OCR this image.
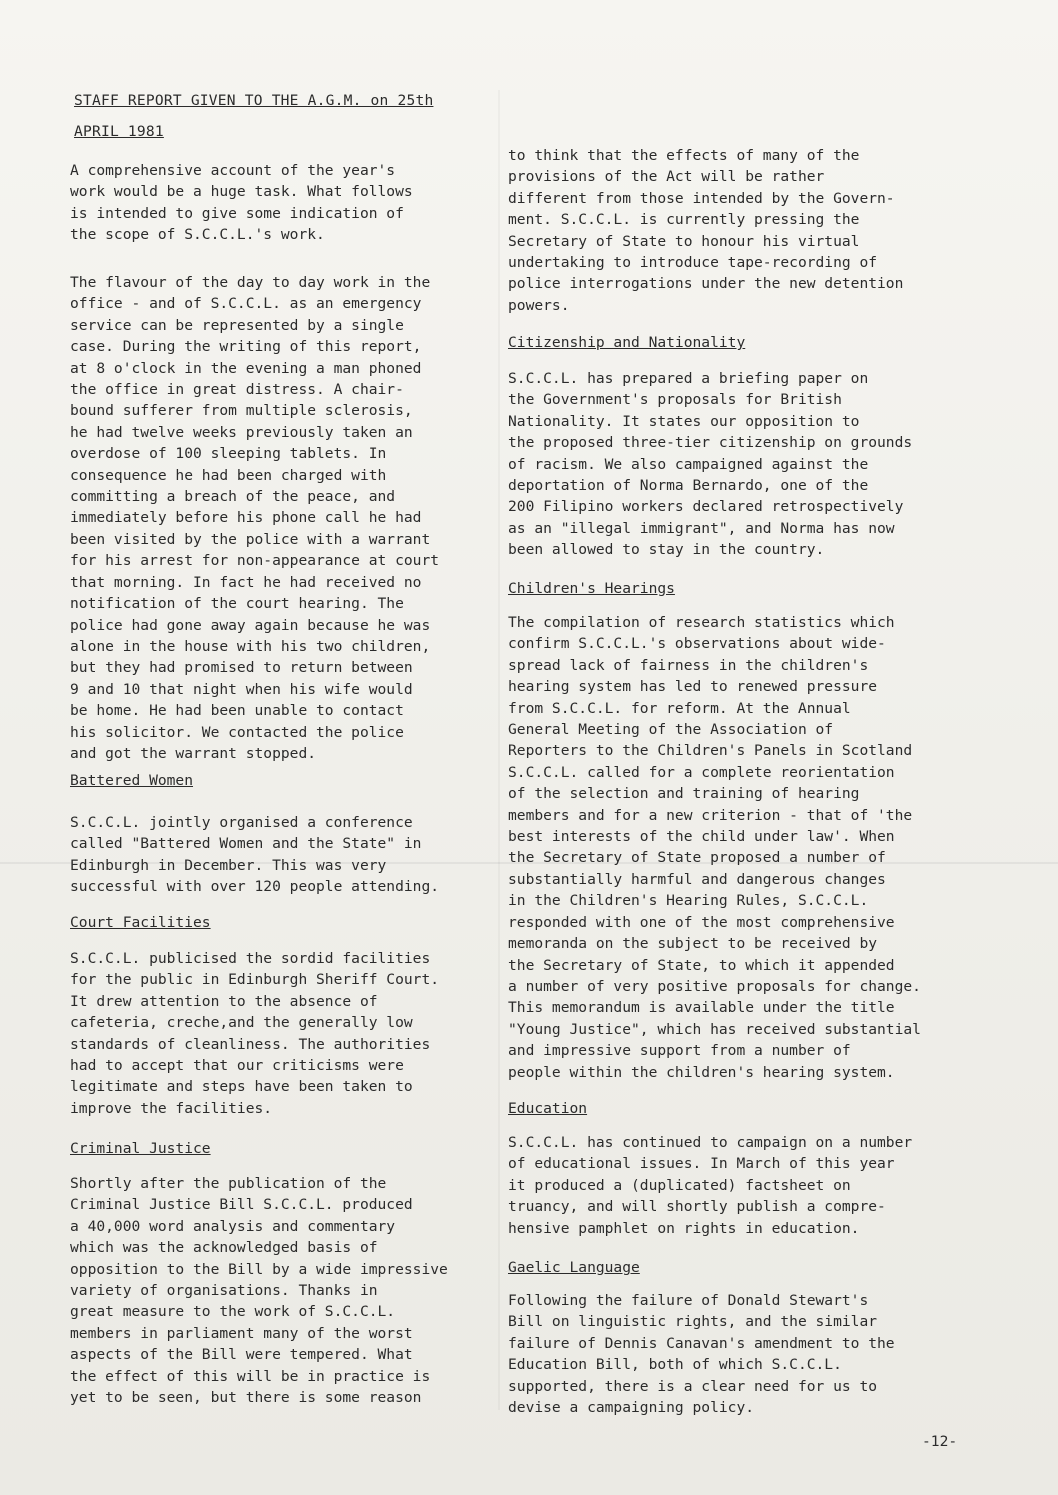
STAFF REPORT GIVEN TO THE A.G.M. on 25th
APRIL 1981

A comprehensive account of the year's
work would be a huge task. What follows
is intended to give some indication of
the scope of S.C.C.L.'s work.

The flavour of the day to day work in the
office - and of S.C.C.L. as an emergency
service can be represented by a single
case. During the writing of this report,
at 8 o'clock in the evening a man phoned
the office in great distress. A chair-
bound sufferer from multiple sclerosis,
he had twelve weeks previously taken an
overdose of 100 sleeping tablets. In
consequence he had been charged with
committing a breach of the peace, and
immediately before his phone call he had
been visited by the police with a warrant
for his arrest for non-appearance at court
that morning. In fact he had received no
notification of the court hearing. The
police had gone away again because he was
alone in the house with his two children,
but they had promised to return between
9 and 10 that night when his wife would
be home. He had been unable to contact
his solicitor. We contacted the police
and got the warrant stopped.

Battered Women

S.C.C.L. jointly organised a conference
called "Battered Women and the State" in
Edinburgh in December. This was very
successful with over 120 people attending.

Court Facilities

S.C.C.L. publicised the sordid facilities
for the public in Edinburgh Sheriff Court.
It drew attention to the absence of
cafeteria, creche,and the generally low
standards of cleanliness. The authorities
had to accept that our criticisms were
legitimate and steps have been taken to
improve the facilities.

Criminal Justice

Shortly after the publication of the
Criminal Justice Bill S.C.C.L. produced
a 40,000 word analysis and commentary
which was the acknowledged basis of
opposition to the Bill by a wide impressive
variety of organisations. Thanks in
great measure to the work of S.C.C.L.
members in parliament many of the worst
aspects of the Bill were tempered. What
the effect of this will be in practice is
yet to be seen, but there is some reason

to think that the effects of many of the
provisions of the Act will be rather
different from those intended by the Govern-
ment. S.C.C.L. is currently pressing the
Secretary of State to honour his virtual
undertaking to introduce tape-recording of
police interrogations under the new detention
powers.

Citizenship and Nationality

S.C.C.L. has prepared a briefing paper on
the Government's proposals for British
Nationality. It states our opposition to
the proposed three-tier citizenship on grounds
of racism. We also campaigned against the
deportation of Norma Bernardo, one of the
200 Filipino workers declared retrospectively
as an "illegal immigrant", and Norma has now
been allowed to stay in the country.

Children's Hearings

The compilation of research statistics which
confirm S.C.C.L.'s observations about wide-
spread lack of fairness in the children's
hearing system has led to renewed pressure
from S.C.C.L. for reform. At the Annual
General Meeting of the Association of
Reporters to the Children's Panels in Scotland
S.C.C.L. called for a complete reorientation
of the selection and training of hearing
members and for a new criterion - that of 'the
best interests of the child under law'. When
the Secretary of State proposed a number of
substantially harmful and dangerous changes
in the Children's Hearing Rules, S.C.C.L.
responded with one of the most comprehensive
memoranda on the subject to be received by
the Secretary of State, to which it appended
a number of very positive proposals for change.
This memorandum is available under the title
"Young Justice", which has received substantial
and impressive support from a number of
people within the children's hearing system.

Education

S.C.C.L. has continued to campaign on a number
of educational issues. In March of this year
it produced a (duplicated) factsheet on
truancy, and will shortly publish a compre-
hensive pamphlet on rights in education.

Gaelic Language

Following the failure of Donald Stewart's
Bill on linguistic rights, and the similar
failure of Dennis Canavan's amendment to the
Education Bill, both of which S.C.C.L.
supported, there is a clear need for us to
devise a campaigning policy.

-12-
